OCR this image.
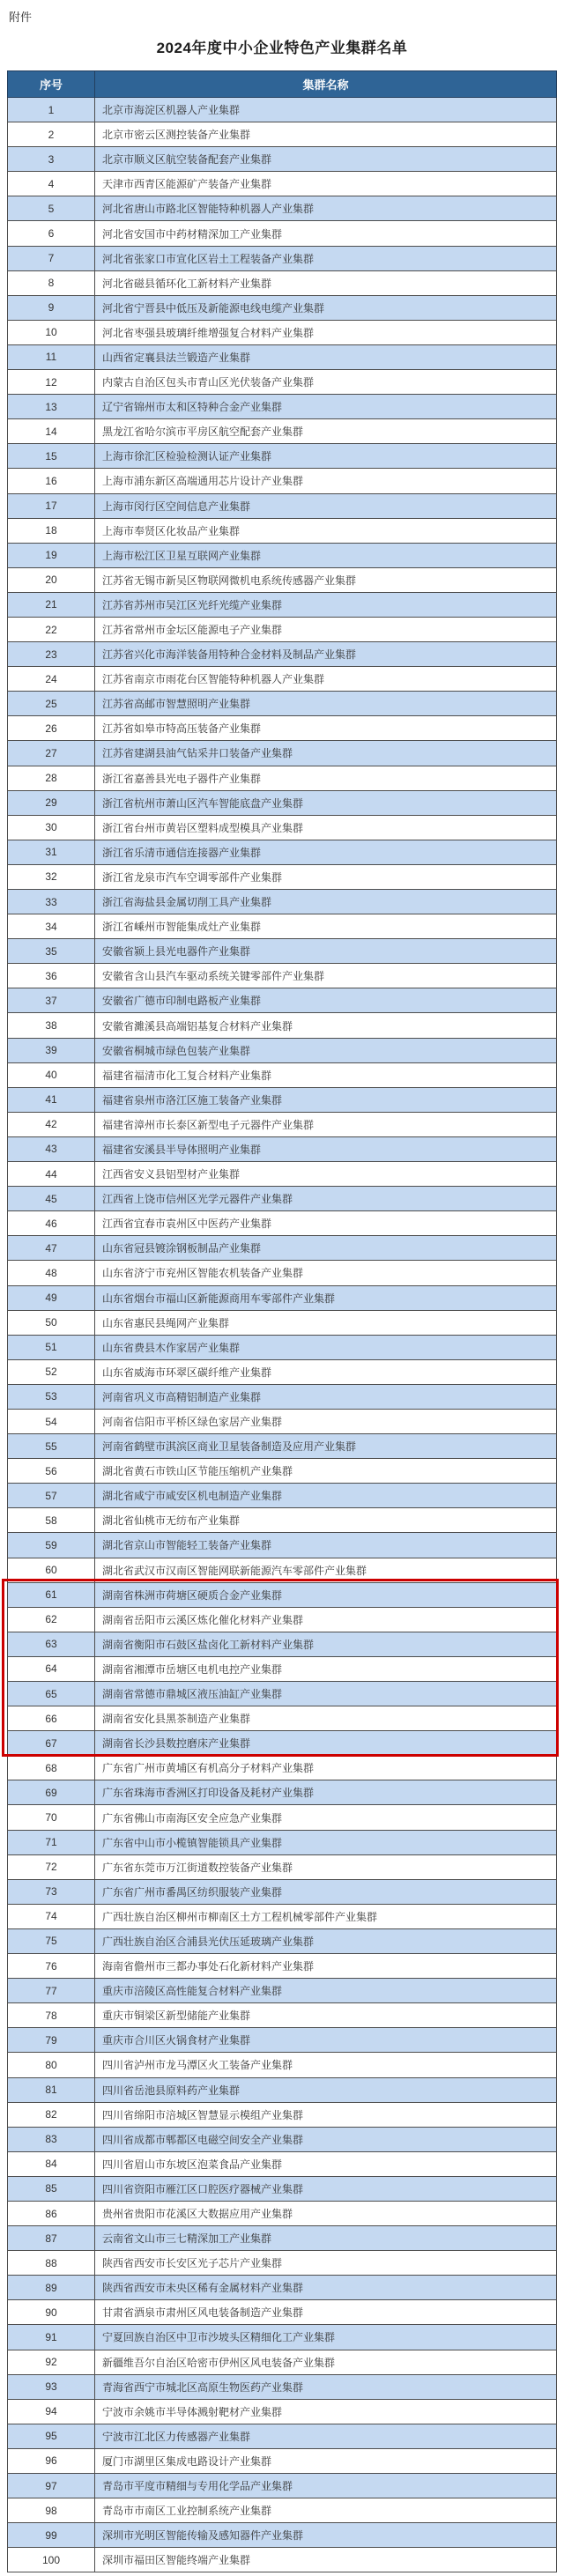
附件
2024年度中小企业特色产业集群名单
序号	集群名称
1	北京市海淀区机器人产业集群
2	北京市密云区测控装备产业集群
3	北京市顺义区航空装备配套产业集群
4	天津市西青区能源矿产装备产业集群
5	河北省唐山市路北区智能特种机器人产业集群
6	河北省安国市中药材精深加工产业集群
7	河北省张家口市宣化区岩土工程装备产业集群
8	河北省磁县循环化工新材料产业集群
9	河北省宁晋县中低压及新能源电线电缆产业集群
10	河北省枣强县玻璃纤维增强复合材料产业集群
11	山西省定襄县法兰锻造产业集群
12	内蒙古自治区包头市青山区光伏装备产业集群
13	辽宁省锦州市太和区特种合金产业集群
14	黑龙江省哈尔滨市平房区航空配套产业集群
15	上海市徐汇区检验检测认证产业集群
16	上海市浦东新区高端通用芯片设计产业集群
17	上海市闵行区空间信息产业集群
18	上海市奉贤区化妆品产业集群
19	上海市松江区卫星互联网产业集群
20	江苏省无锡市新吴区物联网微机电系统传感器产业集群
21	江苏省苏州市吴江区光纤光缆产业集群
22	江苏省常州市金坛区能源电子产业集群
23	江苏省兴化市海洋装备用特种合金材料及制品产业集群
24	江苏省南京市雨花台区智能特种机器人产业集群
25	江苏省高邮市智慧照明产业集群
26	江苏省如皋市特高压装备产业集群
27	江苏省建湖县油气钻采井口装备产业集群
28	浙江省嘉善县光电子器件产业集群
29	浙江省杭州市萧山区汽车智能底盘产业集群
30	浙江省台州市黄岩区塑料成型模具产业集群
31	浙江省乐清市通信连接器产业集群
32	浙江省龙泉市汽车空调零部件产业集群
33	浙江省海盐县金属切削工具产业集群
34	浙江省嵊州市智能集成灶产业集群
35	安徽省颍上县光电器件产业集群
36	安徽省含山县汽车驱动系统关键零部件产业集群
37	安徽省广德市印制电路板产业集群
38	安徽省濉溪县高端铝基复合材料产业集群
39	安徽省桐城市绿色包装产业集群
40	福建省福清市化工复合材料产业集群
41	福建省泉州市洛江区施工装备产业集群
42	福建省漳州市长泰区新型电子元器件产业集群
43	福建省安溪县半导体照明产业集群
44	江西省安义县铝型材产业集群
45	江西省上饶市信州区光学元器件产业集群
46	江西省宜春市袁州区中医药产业集群
47	山东省冠县镀涂钢板制品产业集群
48	山东省济宁市兖州区智能农机装备产业集群
49	山东省烟台市福山区新能源商用车零部件产业集群
50	山东省惠民县绳网产业集群
51	山东省费县木作家居产业集群
52	山东省威海市环翠区碳纤维产业集群
53	河南省巩义市高精铝制造产业集群
54	河南省信阳市平桥区绿色家居产业集群
55	河南省鹤壁市淇滨区商业卫星装备制造及应用产业集群
56	湖北省黄石市铁山区节能压缩机产业集群
57	湖北省咸宁市咸安区机电制造产业集群
58	湖北省仙桃市无纺布产业集群
59	湖北省京山市智能轻工装备产业集群
60	湖北省武汉市汉南区智能网联新能源汽车零部件产业集群
61	湖南省株洲市荷塘区硬质合金产业集群
62	湖南省岳阳市云溪区炼化催化材料产业集群
63	湖南省衡阳市石鼓区盐卤化工新材料产业集群
64	湖南省湘潭市岳塘区电机电控产业集群
65	湖南省常德市鼎城区液压油缸产业集群
66	湖南省安化县黑茶制造产业集群
67	湖南省长沙县数控磨床产业集群
68	广东省广州市黄埔区有机高分子材料产业集群
69	广东省珠海市香洲区打印设备及耗材产业集群
70	广东省佛山市南海区安全应急产业集群
71	广东省中山市小榄镇智能锁具产业集群
72	广东省东莞市万江街道数控装备产业集群
73	广东省广州市番禺区纺织服装产业集群
74	广西壮族自治区柳州市柳南区土方工程机械零部件产业集群
75	广西壮族自治区合浦县光伏压延玻璃产业集群
76	海南省儋州市三都办事处石化新材料产业集群
77	重庆市涪陵区高性能复合材料产业集群
78	重庆市铜梁区新型储能产业集群
79	重庆市合川区火锅食材产业集群
80	四川省泸州市龙马潭区火工装备产业集群
81	四川省岳池县原料药产业集群
82	四川省绵阳市涪城区智慧显示模组产业集群
83	四川省成都市郫都区电磁空间安全产业集群
84	四川省眉山市东坡区泡菜食品产业集群
85	四川省资阳市雁江区口腔医疗器械产业集群
86	贵州省贵阳市花溪区大数据应用产业集群
87	云南省文山市三七精深加工产业集群
88	陕西省西安市长安区光子芯片产业集群
89	陕西省西安市未央区稀有金属材料产业集群
90	甘肃省酒泉市肃州区风电装备制造产业集群
91	宁夏回族自治区中卫市沙坡头区精细化工产业集群
92	新疆维吾尔自治区哈密市伊州区风电装备产业集群
93	青海省西宁市城北区高原生物医药产业集群
94	宁波市余姚市半导体溅射靶材产业集群
95	宁波市江北区力传感器产业集群
96	厦门市湖里区集成电路设计产业集群
97	青岛市平度市精细与专用化学品产业集群
98	青岛市市南区工业控制系统产业集群
99	深圳市光明区智能传输及感知器件产业集群
100	深圳市福田区智能终端产业集群
